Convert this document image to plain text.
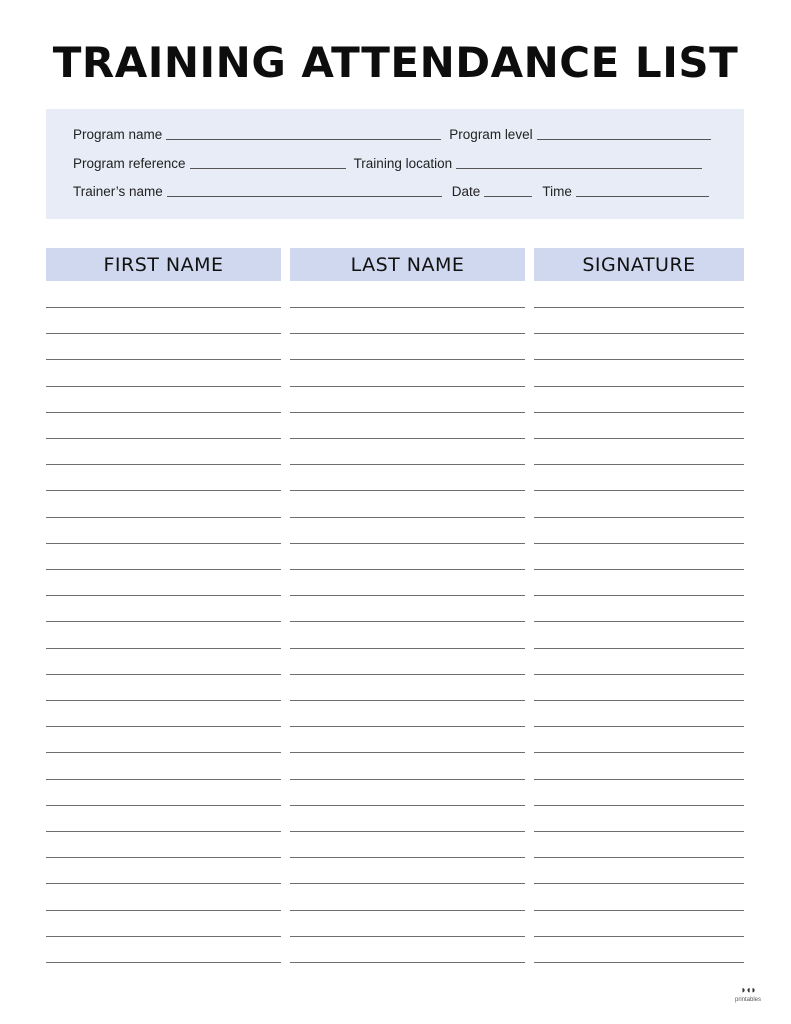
TRAINING ATTENDANCE LIST
Program name	Program level
Program reference	Training location
Trainer’s name	Date	Time
FIRST NAME	LAST NAME	SIGNATURE
◗◖◗
printables
